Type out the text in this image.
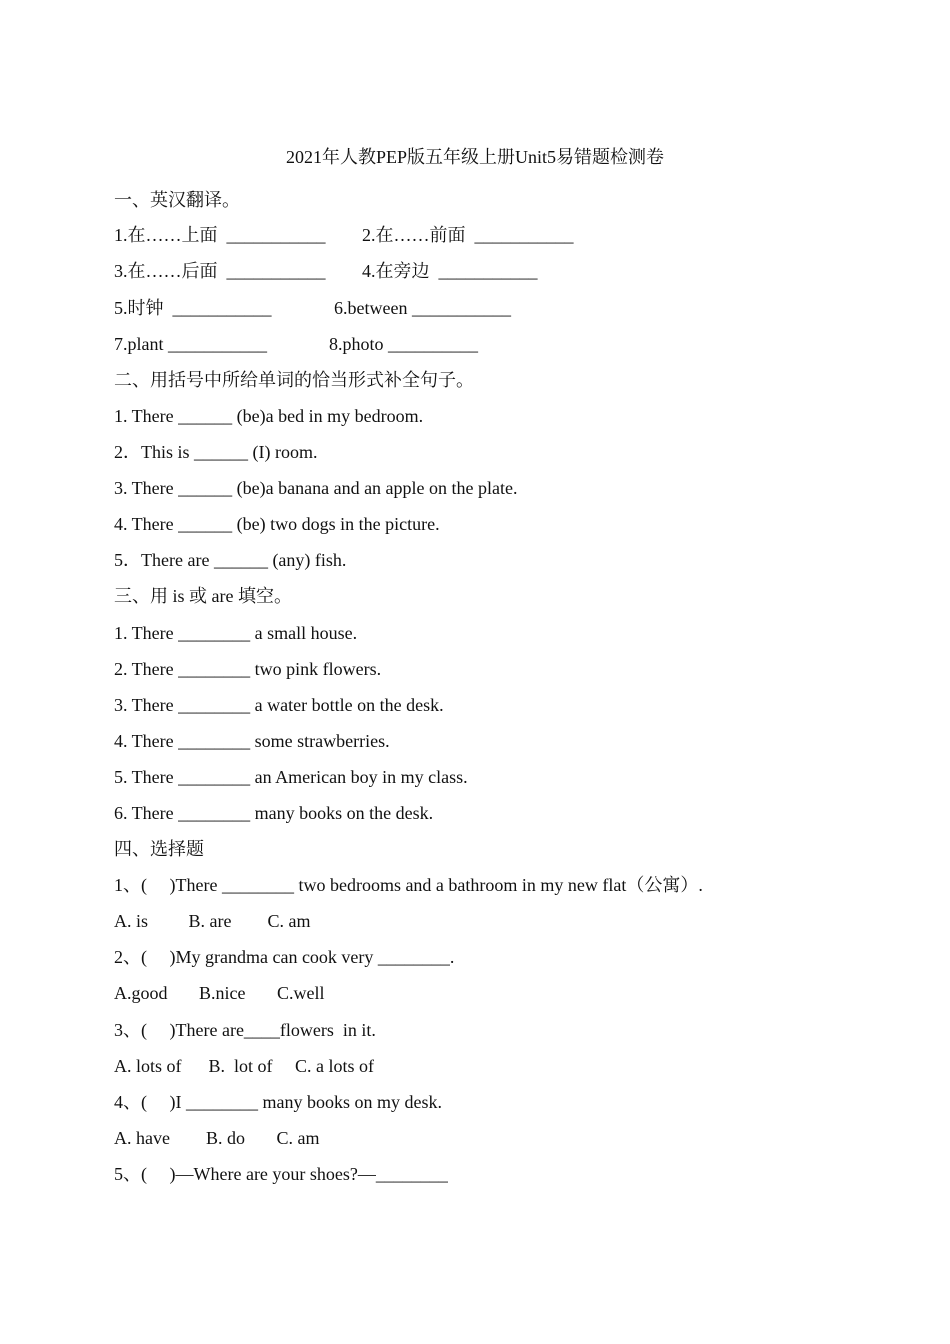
2021年人教PEP版五年级上册Unit5易错题检测卷
一、英汉翻译。
1.在……上面  ___________ 2.在……前面  ___________
3.在……后面  ___________ 4.在旁边  ___________
5.时钟  ___________	6.between ___________
7.plant ___________	8.photo __________
二、用括号中所给单词的恰当形式补全句子。
1. There ______ (be)a bed in my bedroom.
2．This is ______ (I) room.
3. There ______ (be)a banana and an apple on the plate.
4. There ______ (be) two dogs in the picture.
5．There are ______ (any) fish.
三、用 is 或 are 填空。
1. There ________ a small house.
2. There ________ two pink flowers.
3. There ________ a water bottle on the desk.
4. There ________ some strawberries.
5. There ________ an American boy in my class.
6. There ________ many books on the desk.
四、选择题
1、(     )There ________ two bedrooms and a bathroom in my new flat（公寓）.
A. is         B. are        C. am
2、(     )My grandma can cook very ________.
A.good       B.nice       C.well
3、(     )There are____flowers  in it.
A. lots of      B.  lot of     C. a lots of
4、(     )I ________ many books on my desk.
A. have        B. do       C. am
5、(     )—Where are your shoes?—________
